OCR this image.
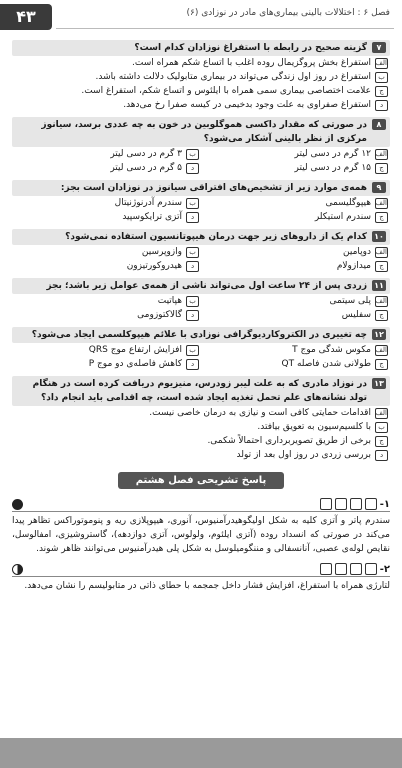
۴۳	فصل ۶ : اختلالات بالینی بیماری‌های مادر در نوزادی (۶)
۷
گزینه صحیح در رابطه با استفراغ نوزادان کدام است؟
الف
استفراغ بخش پروگزیمال روده اغلب با اتساع شکم همراه است.
ب
استفراغ در روز اول زندگی می‌تواند در بیماری متابولیک دلالت داشته باشد.
ج
علامت اختصاصی بیماری سمی همراه با ایلئوس و اتساع شکم، استفراغ است.
د
استفراغ صفراوی به علت وجود بدخیمی در کیسه صفرا رخ می‌دهد.
۸
در صورتی که مقدار داکسی هموگلوبین در خون به چه عددی برسد، سیانوز مرکزی از نظر بالینی آشکار می‌شود؟
الف
۱۲ گرم در دسی لیتر
ب
۳ گرم در دسی لیتر
ج
۱۵ گرم در دسی لیتر
د
۵ گرم در دسی لیتر
۹
همه‌ی موارد زیر از تشخیص‌های افتراقی سیانوز در نوزادان است بجز:
الف
هیپوگلیسمی
ب
سندرم آدرنوژنیتال
ج
سندرم استیکلر
د
آتزی ترایکوسپید
۱۰
کدام یک از داروهای زیر جهت درمان هیپوتانسیون استفاده نمی‌شود؟
الف
دوپامین
ب
وازوپرسین
ج
میدازولام
د
هیدروکورتیزون
۱۱
زردی پس از ۲۴ ساعت اول می‌تواند ناشی از همه‌ی عوامل زیر باشد؛ بجز
الف
پلی سیتمی
ب
هپاتیت
ج
سفلیس
د
گالاکتوزومی
۱۲
چه تغییری در الکتروکاردیوگرافی نوزادی با علائم هیپوکلسمی ایجاد می‌شود؟
الف
مکوس شدگی موج T
ب
افزایش ارتفاع موج QRS
ج
طولانی شدن فاصله QT
د
کاهش فاصله‌ی دو موج P
۱۳
در نوزاد مادری که به علت لیبر زودرس، منیزیوم دریافت کرده است در هنگام تولد نشانه‌های علم تحمل تغذیه ایجاد شده است، چه اقدامی باید انجام داد؟
الف
اقدامات حمایتی کافی است و نیازی به درمان خاصی نیست.
ب
با کلسیم‌سیون به تعویق بیافتد.
ج
برخی از طریق تصویربرداری احتمالاً شکمی.
د
بررسی زردی در روز اول بعد از تولد
پاسخ تشریحی فصل هشتم
۱-
سندرم پاتر و آتزی کلیه به شکل اولیگوهیدرآمنیوس، آنوری، هیپوپلازی ریه و پنوموتوراکس تظاهر پیدا می‌کند در صورتی که انسداد روده (آتزی ایلئوم، ولولوس، آتزی دوازدهه)، گاستروشیزی، امفالوسل، نقایص لوله‌ی عصبی، آنانسفالی و مننگومیلوسل به شکل پلی هیدرآمنیوس می‌توانند ظاهر شوند.
۲-
لتارژی همراه با استفراغ، افزایش فشار داخل جمجمه با حطای ذاتی در متابولیسم را نشان می‌دهد.
